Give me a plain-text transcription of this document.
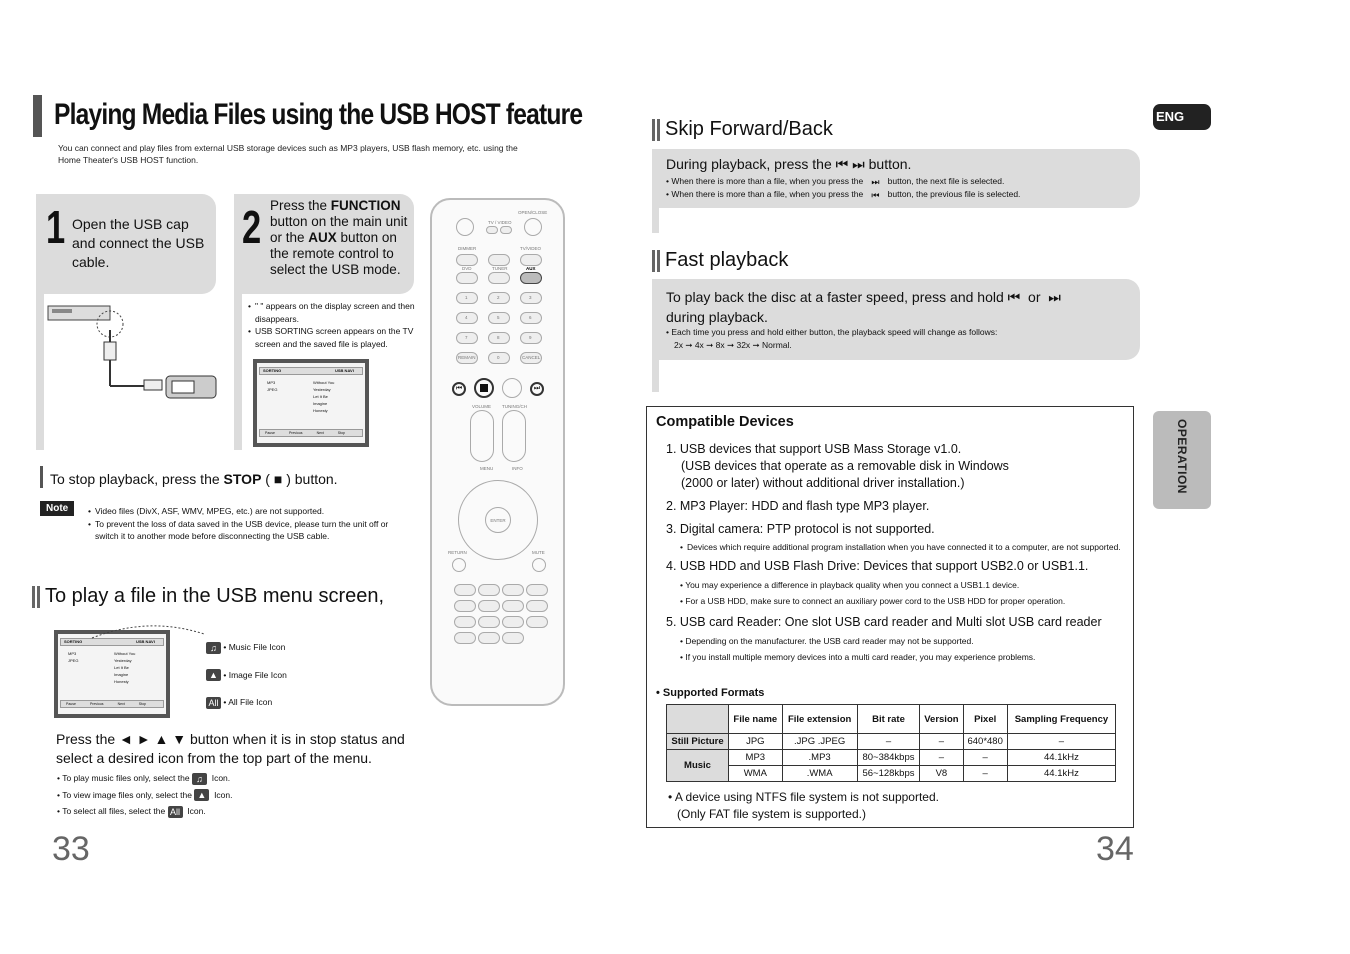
Playing Media Files using the USB HOST feature
You can connect and play files from external USB storage devices such as MP3 players, USB flash memory, etc. using the Home Theater's USB HOST function.
1 Open the USB cap and connect the USB cable.
2 Press the FUNCTION button on the main unit or the AUX button on the remote control to select the USB mode.
• " " appears on the display screen and then disappears.
• USB SORTING screen appears on the TV screen and the saved file is played.
SORTING	USB NAVI
MP3
JPEG
Without You
Yesterday
Let It Be
Imagine
Honesty
Pause	Previous	Next	Stop
To stop playback, press the STOP ( ■ ) button.
Note	• Video files (DivX, ASF, WMV, MPEG, etc.) are not supported.
• To prevent the loss of data saved in the USB device, please turn the unit off or switch it to another mode before disconnecting the USB cable.
To play a file in the USB menu screen,
SORTING	USB NAVI
MP3
JPEG
Without You
Yesterday
Let It Be
Imagine
Honesty
Pause	Previous	Next	Stop
♫ • Music File Icon
▲ • Image File Icon
All • All File Icon
Press the ◄ ► ▲ ▼ button when it is in stop status and select a desired icon from the top part of the menu.
• To play music files only, select the ♫ Icon.
• To view image files only, select the ▲ Icon.
• To select all files, select the All Icon.
OPEN/CLOSE
TV / VIDEO
DIMMER	TV/VIDEO
DVD	TUNER	AUX
1	2	3
4	5	6
7	8	9
REMAIN	0	CANCEL
⏮	⏭
VOLUME TUNING/CH
MENU	INFO
ENTER
RETURN	MUTE
33
Skip Forward/Back
During playback, press the ⏮ ⏭ button.
• When there is more than a file, when you press the ⏭ button, the next file is selected.
• When there is more than a file, when you press the ⏮ button, the previous file is selected.
Fast playback
To play back the disc at a faster speed, press and hold ⏮ or ⏭
during playback.
• Each time you press and hold either button, the playback speed will change as follows:
2x ➞ 4x ➞ 8x ➞ 32x ➞ Normal.
Compatible Devices
1. USB devices that support USB Mass Storage v1.0.
(USB devices that operate as a removable disk in Windows
(2000 or later) without additional driver installation.)
2. MP3 Player: HDD and flash type MP3 player.
3. Digital camera: PTP protocol is not supported.
• Devices which require additional program installation when you have connected it to a computer, are not supported.
4. USB HDD and USB Flash Drive: Devices that support USB2.0 or USB1.1.
• You may experience a difference in playback quality when you connect a USB1.1 device.
• For a USB HDD, make sure to connect an auxiliary power cord to the USB HDD for proper operation.
5. USB card Reader: One slot USB card reader and Multi slot USB card reader
• Depending on the manufacturer. the USB card reader may not be supported.
• If you install multiple memory devices into a multi card reader, you may experience problems.
• Supported Formats
	File name	File extension	Bit rate	Version	Pixel	Sampling Frequency
Still Picture	JPG	.JPG .JPEG	–	–	640*480	–
Music	MP3	.MP3	80~384kbps	–	–	44.1kHz
	WMA	.WMA	56~128kbps	V8	–	44.1kHz
• A device using NTFS file system is not supported.
(Only FAT file system is supported.)
ENG
OPERATION
34
